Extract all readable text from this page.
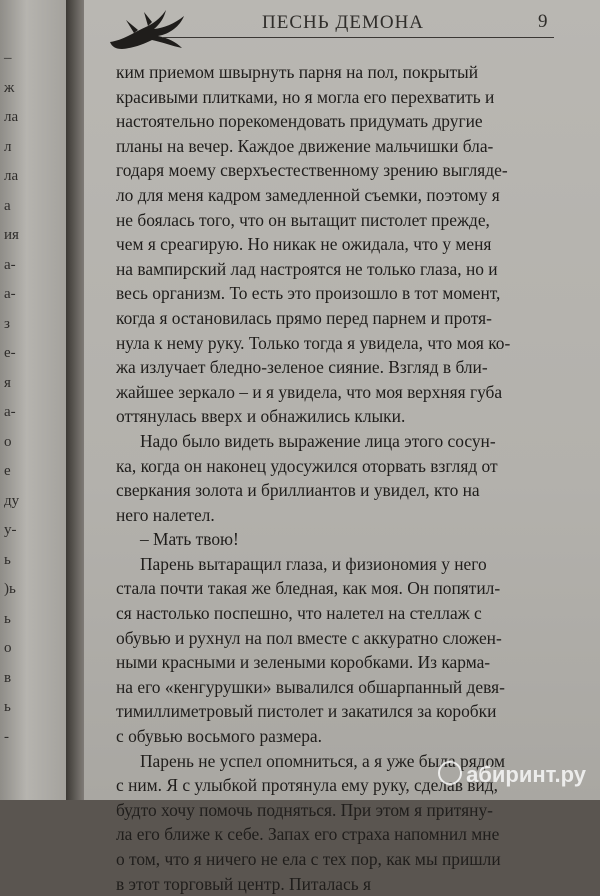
–
ж
ла
л
ла
а
ия
а-
а-
з
е-
я
а-
о
е
ду
у-
ь
)ь
ь
о
в
ь
-
ПЕСНЬ ДЕМОНА	9
ким приемом швырнуть парня на пол, покрытый
красивыми плитками, но я могла его перехватить и
настоятельно порекомендовать придумать другие
планы на вечер. Каждое движение мальчишки бла-
годаря моему сверхъестественному зрению выгляде-
ло для меня кадром замедленной съемки, поэтому я
не боялась того, что он вытащит пистолет прежде,
чем я среагирую. Но никак не ожидала, что у меня
на вампирский лад настроятся не только глаза, но и
весь организм. То есть это произошло в тот момент,
когда я остановилась прямо перед парнем и протя-
нула к нему руку. Только тогда я увидела, что моя ко-
жа излучает бледно-зеленое сияние. Взгляд в бли-
жайшее зеркало – и я увидела, что моя верхняя губа
оттянулась вверх и обнажились клыки.
Надо было видеть выражение лица этого сосун-
ка, когда он наконец удосужился оторвать взгляд от
сверкания золота и бриллиантов и увидел, кто на
него налетел.
– Мать твою!
Парень вытаращил глаза, и физиономия у него
стала почти такая же бледная, как моя. Он попятил-
ся настолько поспешно, что налетел на стеллаж с
обувью и рухнул на пол вместе с аккуратно сложен-
ными красными и зелеными коробками. Из карма-
на его «кенгурушки» вывалился обшарпанный девя-
тимиллиметровый пистолет и закатился за коробки
с обувью восьмого размера.
Парень не успел опомниться, а я уже была рядом
с ним. Я с улыбкой протянула ему руку, сделав вид,
будто хочу помочь подняться. При этом я притяну-
ла его ближе к себе. Запах его страха напомнил мне
о том, что я ничего не ела с тех пор, как мы пришли
в этот торговый центр. Питалась я
абиринт.ру
